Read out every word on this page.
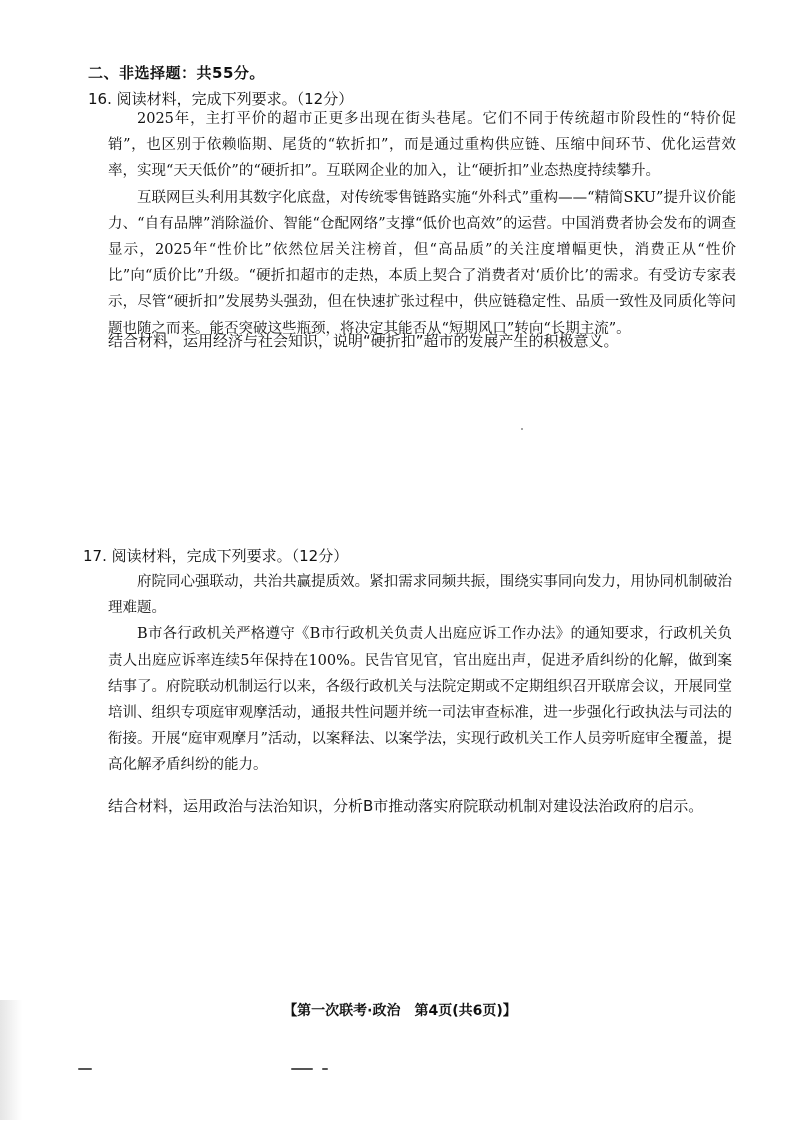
二、非选择题：共55分。
16. 阅读材料，完成下列要求。（12分）

2025年，主打平价的超市正更多出现在街头巷尾。它们不同于传统超市阶段性的“特价促销”，也区别于依赖临期、尾货的“软折扣”，而是通过重构供应链、压缩中间环节、优化运营效率，实现“天天低价”的“硬折扣”。互联网企业的加入，让“硬折扣”业态热度持续攀升。

互联网巨头利用其数字化底盘，对传统零售链路实施“外科式”重构——“精简SKU”提升议价能力、“自有品牌”消除溢价、智能“仓配网络”支撑“低价也高效”的运营。中国消费者协会发布的调查显示，2025年“性价比”依然位居关注榜首，但“高品质”的关注度增幅更快，消费正从“性价比”向“质价比”升级。“硬折扣超市的走热，本质上契合了消费者对‘质价比’的需求。有受访专家表示，尽管“硬折扣”发展势头强劲，但在快速扩张过程中，供应链稳定性、品质一致性及同质化等问题也随之而来。能否突破这些瓶颈，将决定其能否从“短期风口”转向“长期主流”。

结合材料，运用经济与社会知识，说明“硬折扣”超市的发展产生的积极意义。
17. 阅读材料，完成下列要求。（12分）

府院同心强联动，共治共赢提质效。紧扣需求同频共振，围绕实事同向发力，用协同机制破治理难题。

B市各行政机关严格遵守《B市行政机关负责人出庭应诉工作办法》的通知要求，行政机关负责人出庭应诉率连续5年保持在100%。民告官见官，官出庭出声，促进矛盾纠纷的化解，做到案结事了。府院联动机制运行以来，各级行政机关与法院定期或不定期组织召开联席会议，开展同堂培训、组织专项庭审观摩活动，通报共性问题并统一司法审查标准，进一步强化行政执法与司法的衔接。开展“庭审观摩月”活动，以案释法、以案学法，实现行政机关工作人员旁听庭审全覆盖，提高化解矛盾纠纷的能力。

结合材料，运用政治与法治知识，分析B市推动落实府院联动机制对建设法治政府的启示。
【第一次联考·政治　第4页(共6页)】
